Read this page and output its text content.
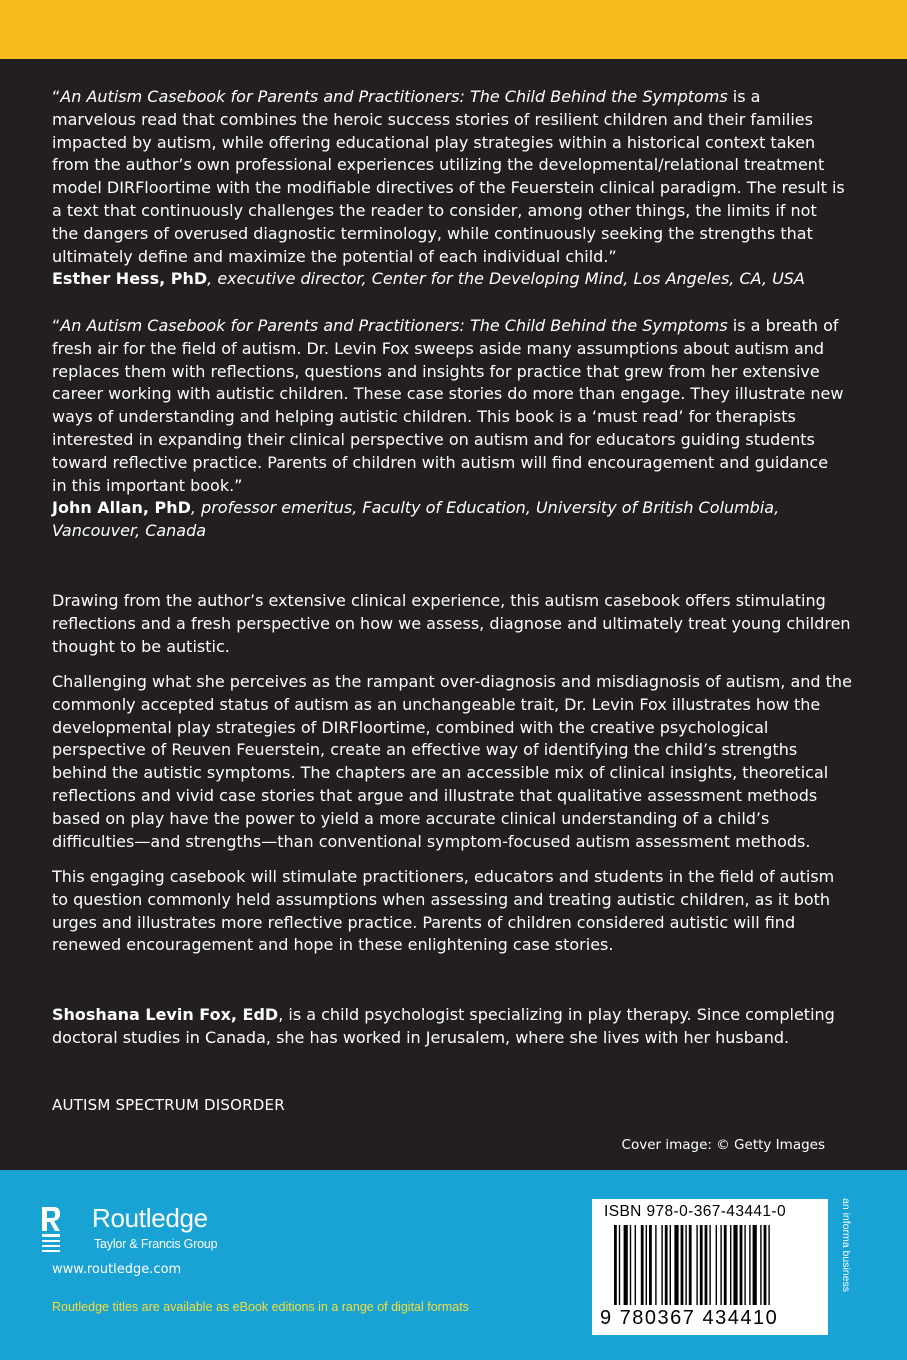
“An Autism Casebook for Parents and Practitioners: The Child Behind the Symptoms is a marvelous read that combines the heroic success stories of resilient children and their families impacted by autism, while offering educational play strategies within a historical context taken from the author’s own professional experiences utilizing the developmental/relational treatment model DIRFloortime with the modifiable directives of the Feuerstein clinical paradigm. The result is a text that continuously challenges the reader to consider, among other things, the limits if not the dangers of overused diagnostic terminology, while continuously seeking the strengths that ultimately define and maximize the potential of each individual child.”
Esther Hess, PhD, executive director, Center for the Developing Mind, Los Angeles, CA, USA

“An Autism Casebook for Parents and Practitioners: The Child Behind the Symptoms is a breath of fresh air for the field of autism. Dr. Levin Fox sweeps aside many assumptions about autism and replaces them with reflections, questions and insights for practice that grew from her extensive career working with autistic children. These case stories do more than engage. They illustrate new ways of understanding and helping autistic children. This book is a ‘must read’ for therapists interested in expanding their clinical perspective on autism and for educators guiding students toward reflective practice. Parents of children with autism will find encouragement and guidance in this important book.”
John Allan, PhD, professor emeritus, Faculty of Education, University of British Columbia, Vancouver, Canada

Drawing from the author’s extensive clinical experience, this autism casebook offers stimulating reflections and a fresh perspective on how we assess, diagnose and ultimately treat young children thought to be autistic.

Challenging what she perceives as the rampant over-diagnosis and misdiagnosis of autism, and the commonly accepted status of autism as an unchangeable trait, Dr. Levin Fox illustrates how the developmental play strategies of DIRFloortime, combined with the creative psychological perspective of Reuven Feuerstein, create an effective way of identifying the child’s strengths behind the autistic symptoms. The chapters are an accessible mix of clinical insights, theoretical reflections and vivid case stories that argue and illustrate that qualitative assessment methods based on play have the power to yield a more accurate clinical understanding of a child’s difficulties—and strengths—than conventional symptom-focused autism assessment methods.

This engaging casebook will stimulate practitioners, educators and students in the field of autism to question commonly held assumptions when assessing and treating autistic children, as it both urges and illustrates more reflective practice. Parents of children considered autistic will find renewed encouragement and hope in these enlightening case stories.

Shoshana Levin Fox, EdD, is a child psychologist specializing in play therapy. Since completing doctoral studies in Canada, she has worked in Jerusalem, where she lives with her husband.

AUTISM SPECTRUM DISORDER
Cover image: © Getty Images
Routledge
Taylor & Francis Group
www.routledge.com
Routledge titles are available as eBook editions in a range of digital formats
ISBN 978-0-367-43441-0
9 780367 434410
an informa business
